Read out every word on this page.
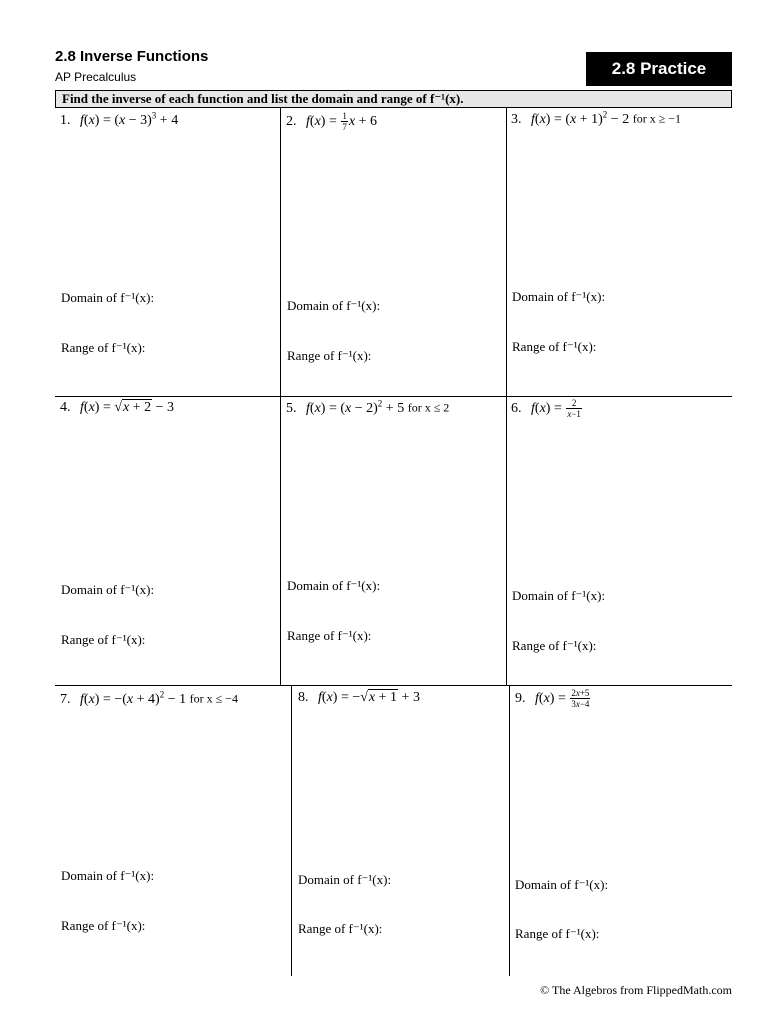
2.8 Inverse Functions
AP Precalculus	2.8 Practice
Find the inverse of each function and list the domain and range of f⁻¹(x).
1. $f(x) = (x - 3)^3 + 4$
Domain of f⁻¹(x):
Range of f⁻¹(x):
2. $f(x) = \frac{1}{7}$ x + 6
Domain of f⁻¹(x):
Range of f⁻¹(x):
3. $f(x) = (x + 1)^2 - 2$ for x ≥ −1
Domain of f⁻¹(x):
Range of f⁻¹(x):
4. f(x) = √x + 2 − 3
Domain of f⁻¹(x):
Range of f⁻¹(x):
5. $f(x) = (x - 2)^2 + 5$ for x ≤ 2
Domain of f⁻¹(x):
Range of f⁻¹(x):
6. $f(x) = \frac{2}{x-1}$
Domain of f⁻¹(x):
Range of f⁻¹(x):
7. $f(x) = -(x + 4)^2 - 1$ for x ≤ −4
Domain of f⁻¹(x):
Range of f⁻¹(x):
8. f(x) = −√x + 1 + 3
Domain of f⁻¹(x):
Range of f⁻¹(x):
9. $f(x) = \frac{2x+5}{3x-4}$
Domain of f⁻¹(x):
Range of f⁻¹(x):
© The Algebros from FlippedMath.com
